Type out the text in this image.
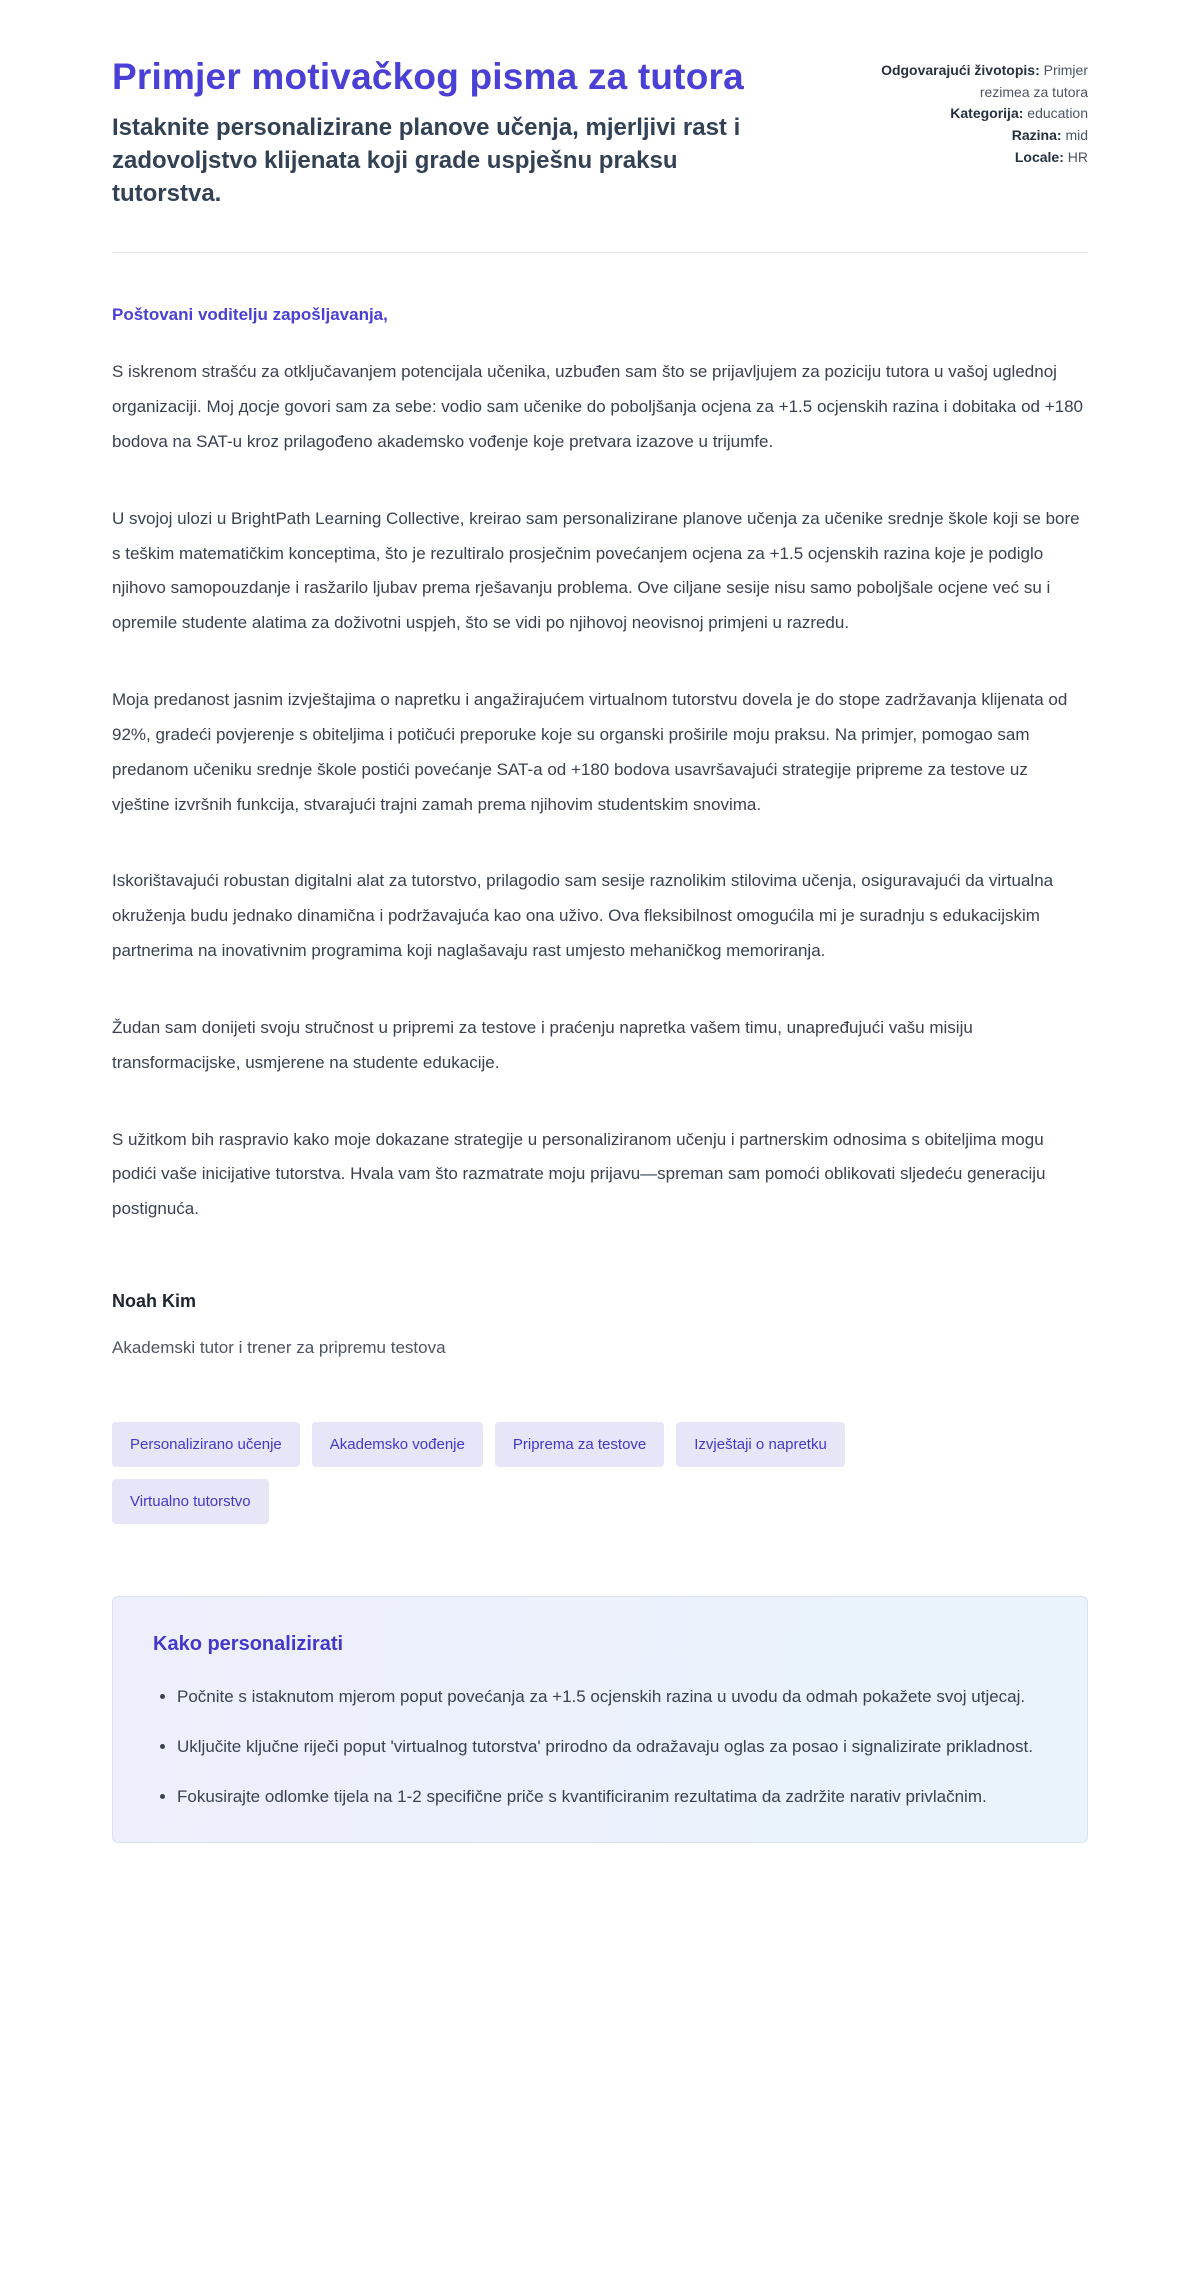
Primjer motivačkog pisma za tutora

Istaknite personalizirane planove učenja, mjerljivi rast i zadovoljstvo klijenata koji grade uspješnu praksu tutorstva.

Odgovarajući životopis: Primjer rezimea za tutora

Kategorija: education

Razina: mid

Locale: HR

Poštovani voditelju zapošljavanja,

S iskrenom strašću za otključavanjem potencijala učenika, uzbuđen sam što se prijavljujem za poziciju tutora u vašoj uglednoj organizaciji. Moj досje govori sam za sebe: vodio sam učenike do poboljšanja ocjena za +1.5 ocjenskih razina i dobitaka od +180 bodova na SAT-u kroz prilagođeno akademsko vođenje koje pretvara izazove u trijumfe.

U svojoj ulozi u BrightPath Learning Collective, kreirao sam personalizirane planove učenja za učenike srednje škole koji se bore s teškim matematičkim konceptima, što je rezultiralo prosječnim povećanjem ocjena za +1.5 ocjenskih razina koje je podiglo njihovo samopouzdanje i rasžarilo ljubav prema rješavanju problema. Ove ciljane sesije nisu samo poboljšale ocjene već su i opremile studente alatima za doživotni uspjeh, što se vidi po njihovoj neovisnoj primjeni u razredu.

Moja predanost jasnim izvještajima o napretku i angažirajućem virtualnom tutorstvu dovela je do stope zadržavanja klijenata od 92%, gradeći povjerenje s obiteljima i potičući preporuke koje su organski proširile moju praksu. Na primjer, pomogao sam predanom učeniku srednje škole postići povećanje SAT-a od +180 bodova usavršavajući strategije pripreme za testove uz vještine izvršnih funkcija, stvarajući trajni zamah prema njihovim studentskim snovima.

Iskorištavajući robustan digitalni alat za tutorstvo, prilagodio sam sesije raznolikim stilovima učenja, osiguravajući da virtualna okruženja budu jednako dinamična i podržavajuća kao ona uživo. Ova fleksibilnost omogućila mi je suradnju s edukacijskim partnerima na inovativnim programima koji naglašavaju rast umjesto mehaničkog memoriranja.

Žudan sam donijeti svoju stručnost u pripremi za testove i praćenju napretka vašem timu, unapređujući vašu misiju transformacijske, usmjerene na studente edukacije.

S užitkom bih raspravio kako moje dokazane strategije u personaliziranom učenju i partnerskim odnosima s obiteljima mogu podići vaše inicijative tutorstva. Hvala vam što razmatrate moju prijavu—spreman sam pomoći oblikovati sljedeću generaciju postignuća.

Noah Kim

Akademski tutor i trener za pripremu testova

Personalizirano učenje	Akademsko vođenje	Priprema za testove	Izvještaji o napretku
Virtualno tutorstvo
Kako personalizirati
• Počnite s istaknutom mjerom poput povećanja za +1.5 ocjenskih razina u uvodu da odmah pokažete svoj utjecaj.
• Uključite ključne riječi poput 'virtualnog tutorstva' prirodno da odražavaju oglas za posao i signalizirate prikladnost.
• Fokusirajte odlomke tijela na 1-2 specifične priče s kvantificiranim rezultatima da zadržite narativ privlačnim.
